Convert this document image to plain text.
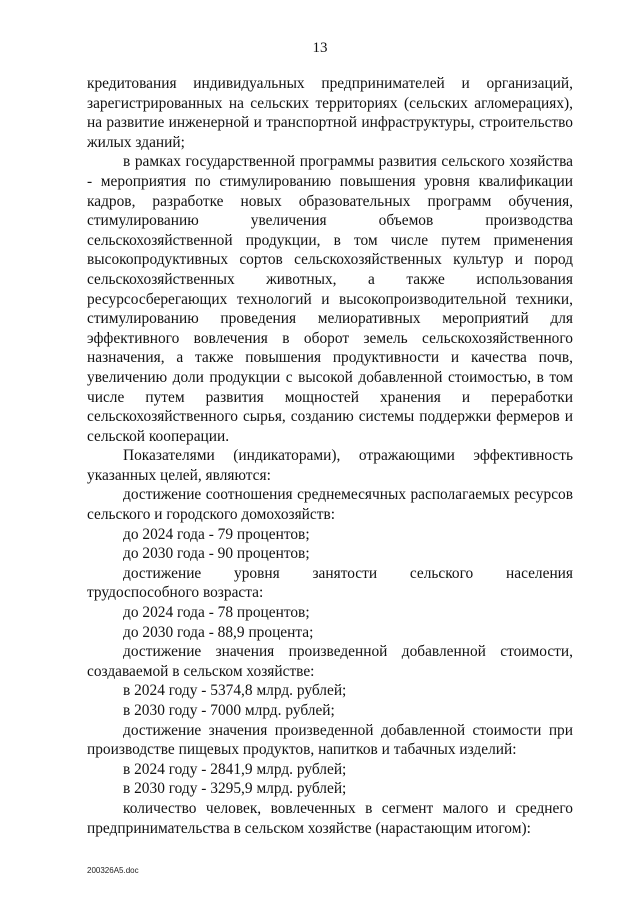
13

кредитования индивидуальных предпринимателей и организаций, зарегистрированных на сельских территориях (сельских агломерациях), на развитие инженерной и транспортной инфраструктуры, строительство жилых зданий;

в рамках государственной программы развития сельского хозяйства - мероприятия по стимулированию повышения уровня квалификации кадров, разработке новых образовательных программ обучения, стимулированию увеличения объемов производства сельскохозяйственной продукции, в том числе путем применения высокопродуктивных сортов сельскохозяйственных культур и пород сельскохозяйственных животных, а также использования ресурсосберегающих технологий и высокопроизводительной техники, стимулированию проведения мелиоративных мероприятий для эффективного вовлечения в оборот земель сельскохозяйственного назначения, а также повышения продуктивности и качества почв, увеличению доли продукции с высокой добавленной стоимостью, в том числе путем развития мощностей хранения и переработки сельскохозяйственного сырья, созданию системы поддержки фермеров и сельской кооперации.

Показателями (индикаторами), отражающими эффективность указанных целей, являются:

достижение соотношения среднемесячных располагаемых ресурсов сельского и городского домохозяйств:

до 2024 года - 79 процентов;

до 2030 года - 90 процентов;

достижение уровня занятости сельского населения трудоспособного возраста:

до 2024 года - 78 процентов;

до 2030 года - 88,9 процента;

достижение значения произведенной добавленной стоимости, создаваемой в сельском хозяйстве:

в 2024 году - 5374,8 млрд. рублей;

в 2030 году - 7000 млрд. рублей;

достижение значения произведенной добавленной стоимости при производстве пищевых продуктов, напитков и табачных изделий:

в 2024 году - 2841,9 млрд. рублей;

в 2030 году - 3295,9 млрд. рублей;

количество человек, вовлеченных в сегмент малого и среднего предпринимательства в сельском хозяйстве (нарастающим итогом):

200326A5.doc
